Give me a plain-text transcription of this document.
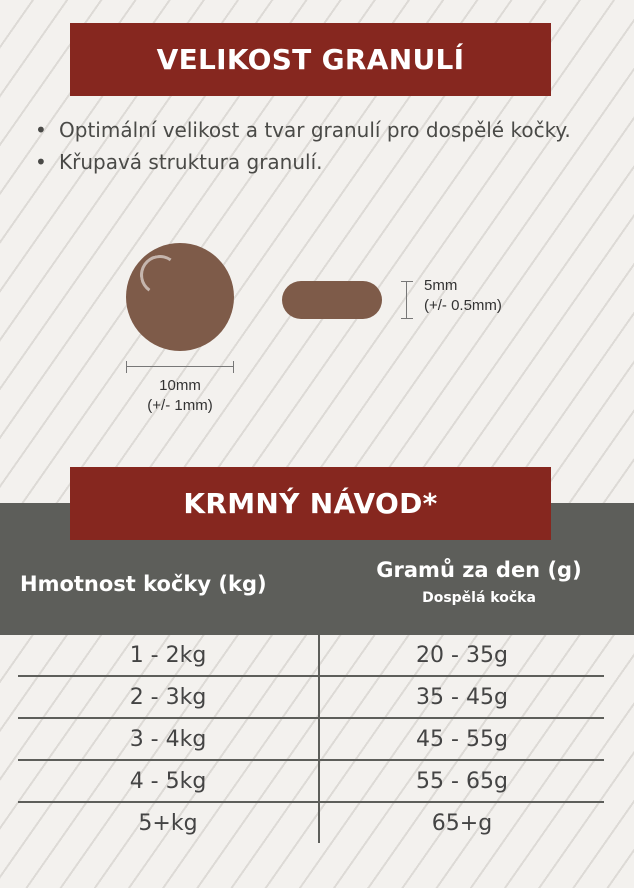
VELIKOST GRANULÍ
• Optimální velikost a tvar granulí pro dospělé kočky.
• Křupavá struktura granulí.
10mm
(+/- 1mm)
5mm
(+/- 0.5mm)
KRMNÝ NÁVOD*
Hmotnost kočky (kg)
Gramů za den (g)
Dospělá kočka
1 - 2kg	20 - 35g
2 - 3kg	35 - 45g
3 - 4kg	45 - 55g
4 - 5kg	55 - 65g
5+kg	65+g
